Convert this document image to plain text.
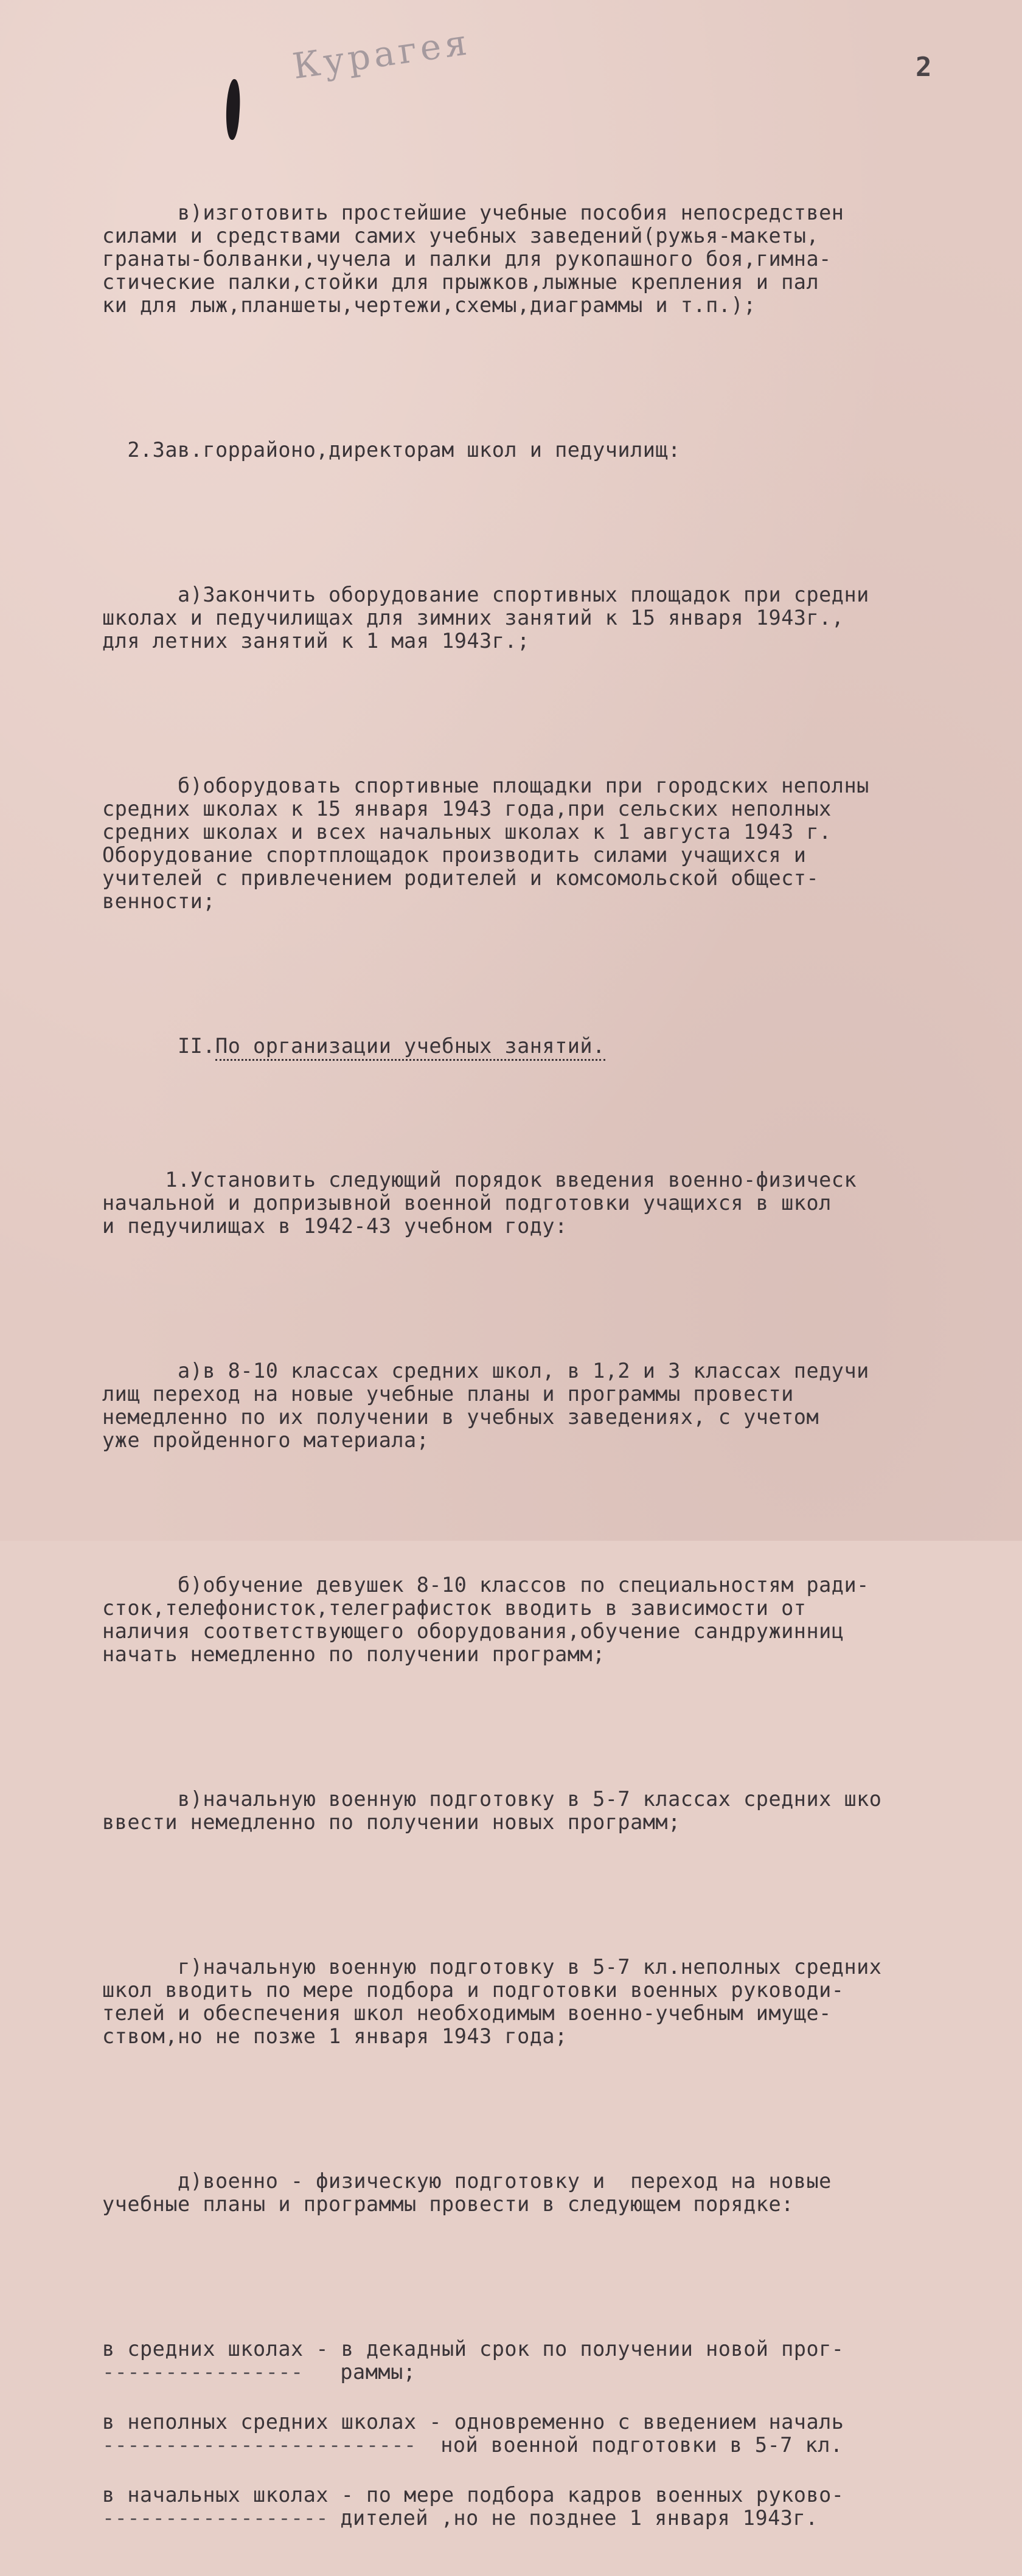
Курагея	2

в)изготовить простейшие учебные пособия непосредствен
силами и средствами самих учебных заведений(ружья-макеты,
гранаты-болванки,чучела и палки для рукопашного боя,гимна-
стические палки,стойки для прыжков,лыжные крепления и пал
ки для лыж,планшеты,чертежи,схемы,диаграммы и т.п.);

2.Зав.горрайоно,директорам школ и педучилищ:

а)Закончить оборудование спортивных площадок при средни
школах и педучилищах для зимних занятий к 15 января 1943г.,
для летних занятий к 1 мая 1943г.;

б)оборудовать спортивные площадки при городских неполны
средних школах к 15 января 1943 года,при сельских неполных
средних школах и всех начальных школах к 1 августа 1943 г.
Оборудование спортплощадок производить силами учащихся и
учителей с привлечением родителей и комсомольской общест-
венности;

II.По организации учебных занятий.

1.Установить следующий порядок введения военно-физическ
начальной и допризывной военной подготовки учащихся в школ
и педучилищах в 1942-43 учебном году:

а)в 8-10 классах средних школ, в 1,2 и 3 классах педучи
лищ переход на новые учебные планы и программы провести
немедленно по их получении в учебных заведениях, с учетом
уже пройденного материала;

б)обучение девушек 8-10 классов по специальностям ради-
сток,телефонисток,телеграфисток вводить в зависимости от
наличия соответствующего оборудования,обучение сандружинниц
начать немедленно по получении программ;

в)начальную военную подготовку в 5-7 классах средних шко
ввести немедленно по получении новых программ;

г)начальную военную подготовку в 5-7 кл.неполных средних
школ вводить по мере подбора и подготовки военных руководи-
телей и обеспечения школ необходимым военно-учебным имуще-
ством,но не позже 1 января 1943 года;

д)военно - физическую подготовку и  переход на новые
учебные планы и программы провести в следующем порядке:

в средних школах - в декадный срок по получении новой прог-
---------------- раммы;
в неполных средних школах - одновременно с введением началь
------------------------- ной военной подготовки в 5-7 кл.
в начальных школах - по мере подбора кадров военных руково-
------------------ дителей ,но не позднее 1 января 1943г.
